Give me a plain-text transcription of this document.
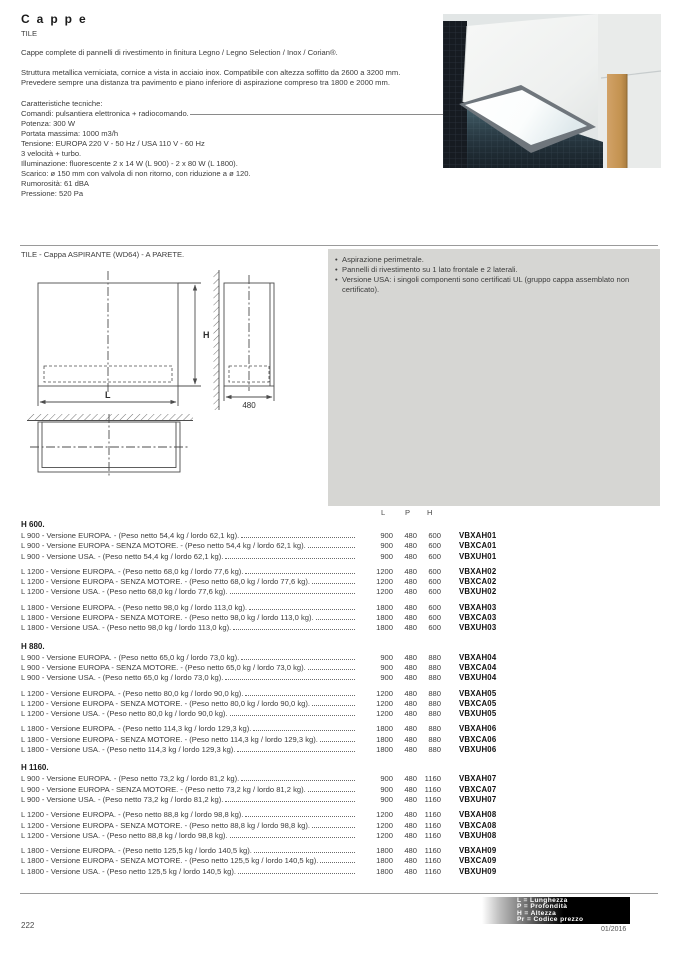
Cappe
TILE
Cappe complete di pannelli di rivestimento in finitura Legno / Legno Selection / Inox / Corian®.
Struttura metallica verniciata, cornice a vista in acciaio inox. Compatibile con altezza soffitto da 2600 a 3200 mm.
Prevedere sempre una distanza tra pavimento e piano inferiore di aspirazione compreso tra 1800 e 2000 mm.
Caratteristiche tecniche:
Comandi: pulsantiera elettronica + radiocomando.
Potenza: 300 W
Portata massima: 1000 m3/h
Tensione: EUROPA 220 V - 50 Hz / USA 110 V - 60 Hz
3 velocità + turbo.
Illuminazione: fluorescente 2 x 14 W (L 900) - 2 x 80 W (L 1800).
Scarico: ø 150 mm con valvola di non ritorno, con riduzione a ø 120.
Rumorosità: 61 dBA
Pressione: 520 Pa
TILE - Cappa ASPIRANTE (WD64) - A PARETE.
• Aspirazione perimetrale.
• Pannelli di rivestimento su 1 lato frontale e 2 laterali.
• Versione USA: i singoli componenti sono certificati UL (gruppo cappa assemblato non certificato).
H
L
480
L	P H
H 600.
L 900 - Versione EUROPA. - (Peso netto 54,4 kg / lordo 62,1 kg).	900	480	600 VBXAH01
L 900 - Versione EUROPA - SENZA MOTORE. - (Peso netto 54,4 kg / lordo 62,1 kg).	900	480	600 VBXCA01
L 900 - Versione USA. - (Peso netto 54,4 kg / lordo 62,1 kg).	900	480	600 VBXUH01
L 1200 - Versione EUROPA. - (Peso netto 68,0 kg / lordo 77,6 kg).	1200	480	600 VBXAH02
L 1200 - Versione EUROPA - SENZA MOTORE. - (Peso netto 68,0 kg / lordo 77,6 kg).	1200	480	600 VBXCA02
L 1200 - Versione USA. - (Peso netto 68,0 kg / lordo 77,6 kg).	1200	480	600 VBXUH02
L 1800 - Versione EUROPA. - (Peso netto 98,0 kg / lordo 113,0 kg).	1800	480	600 VBXAH03
L 1800 - Versione EUROPA - SENZA MOTORE. - (Peso netto 98,0 kg / lordo 113,0 kg).	1800	480	600 VBXCA03
L 1800 - Versione USA. - (Peso netto 98,0 kg / lordo 113,0 kg).	1800	480	600 VBXUH03
H 880.
L 900 - Versione EUROPA. - (Peso netto 65,0 kg / lordo 73,0 kg).	900	480	880 VBXAH04
L 900 - Versione EUROPA - SENZA MOTORE. - (Peso netto 65,0 kg / lordo 73,0 kg).	900	480	880 VBXCA04
L 900 - Versione USA. - (Peso netto 65,0 kg / lordo 73,0 kg).	900	480	880 VBXUH04
L 1200 - Versione EUROPA. - (Peso netto 80,0 kg / lordo 90,0 kg).	1200	480	880 VBXAH05
L 1200 - Versione EUROPA - SENZA MOTORE. - (Peso netto 80,0 kg / lordo 90,0 kg).	1200	480	880 VBXCA05
L 1200 - Versione USA. - (Peso netto 80,0 kg / lordo 90,0 kg).	1200	480	880 VBXUH05
L 1800 - Versione EUROPA. - (Peso netto 114,3 kg / lordo 129,3 kg).	1800	480	880 VBXAH06
L 1800 - Versione EUROPA - SENZA MOTORE. - (Peso netto 114,3 kg / lordo 129,3 kg).	1800	480	880 VBXCA06
L 1800 - Versione USA. - (Peso netto 114,3 kg / lordo 129,3 kg).	1800	480	880 VBXUH06
H 1160.
L 900 - Versione EUROPA. - (Peso netto 73,2 kg / lordo 81,2 kg).	900	480	1160 VBXAH07
L 900 - Versione EUROPA - SENZA MOTORE. - (Peso netto 73,2 kg / lordo 81,2 kg).	900	480	1160 VBXCA07
L 900 - Versione USA. - (Peso netto 73,2 kg / lordo 81,2 kg).	900	480	1160 VBXUH07
L 1200 - Versione EUROPA. - (Peso netto 88,8 kg / lordo 98,8 kg).	1200	480	1160 VBXAH08
L 1200 - Versione EUROPA - SENZA MOTORE. - (Peso netto 88,8 kg / lordo 98,8 kg).	1200	480	1160 VBXCA08
L 1200 - Versione USA. - (Peso netto 88,8 kg / lordo 98,8 kg).	1200	480	1160 VBXUH08
L 1800 - Versione EUROPA. - (Peso netto 125,5 kg / lordo 140,5 kg).	1800	480	1160 VBXAH09
L 1800 - Versione EUROPA - SENZA MOTORE. - (Peso netto 125,5 kg / lordo 140,5 kg).	1800	480	1160 VBXCA09
L 1800 - Versione USA. - (Peso netto 125,5 kg / lordo 140,5 kg).	1800	480	1160 VBXUH09
L = Lunghezza
P = Profondità
H = Altezza
Pr = Codice prezzo
222	01/2016
